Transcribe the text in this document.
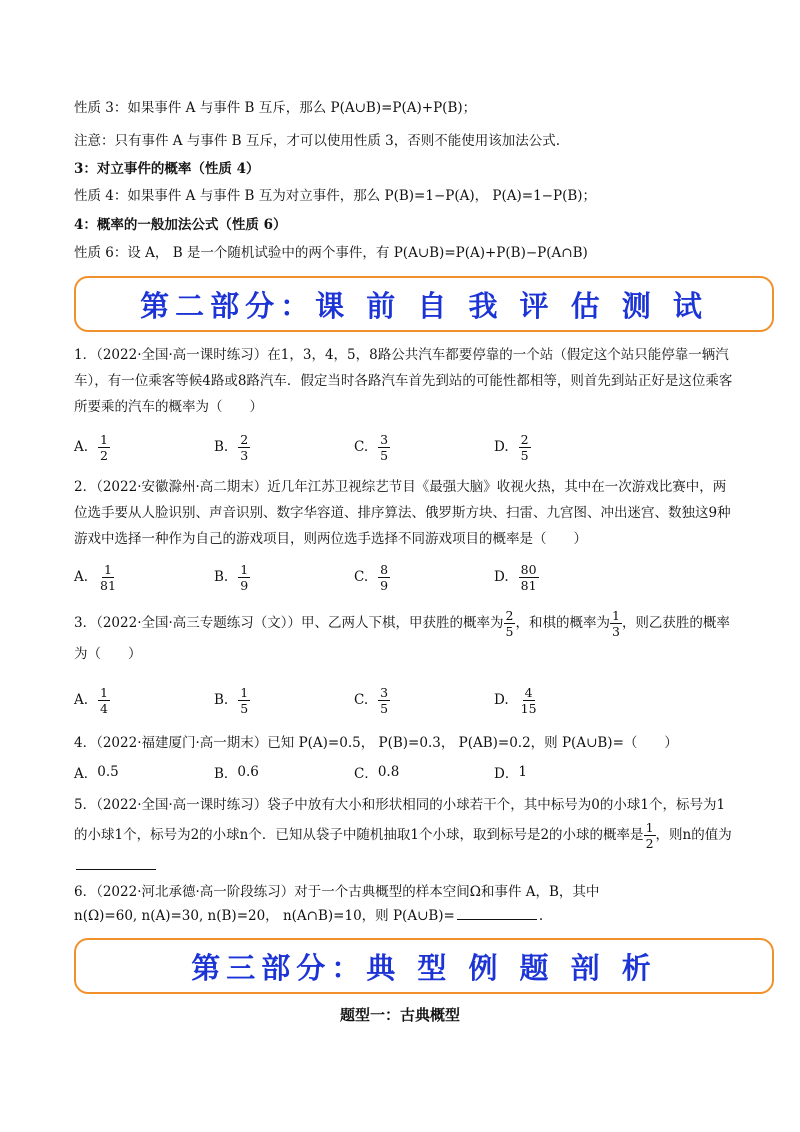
性质 3：如果事件 A 与事件 B 互斥，那么 P(A∪B)=P(A)+P(B)；
注意：只有事件 A 与事件 B 互斥，才可以使用性质 3，否则不能使用该加法公式.
3：对立事件的概率（性质 4）
性质 4：如果事件 A 与事件 B 互为对立事件，那么 P(B)=1−P(A)， P(A)=1−P(B)；
4：概率的一般加法公式（性质 6）
性质 6：设 A， B 是一个随机试验中的两个事件，有 P(A∪B)=P(A)+P(B)−P(A∩B)
第二部分：课 前 自 我 评 估 测 试
1．（2022·全国·高一课时练习）在1，3，4，5，8路公共汽车都要停靠的一个站（假定这个站只能停靠一辆汽车），有一位乘客等候4路或8路汽车．假定当时各路汽车首先到站的可能性都相等，则首先到站正好是这位乘客所要乘的汽车的概率为（　　）
A. $\frac{1}{2}$	B. $\frac{2}{3}$	C. $\frac{3}{5}$	D. $\frac{2}{5}$
2．（2022·安徽滁州·高二期末）近几年江苏卫视综艺节目《最强大脑》收视火热，其中在一次游戏比赛中，两位选手要从人脸识别、声音识别、数字华容道、排序算法、俄罗斯方块、扫雷、九宫图、冲出迷宫、数独这9种游戏中选择一种作为自己的游戏项目，则两位选手选择不同游戏项目的概率是（　　）
A. $\frac{1}{81}$	B. $\frac{1}{9}$	C. $\frac{8}{9}$	D. $\frac{80}{81}$
3．（2022·全国·高三专题练习（文））甲、乙两人下棋，甲获胜的概率为 $\frac{2}{5}$ ，和棋的概率为 $\frac{1}{3}$ ，则乙获胜的概率为（　　）
A. $\frac{1}{4}$	B. $\frac{1}{5}$	C. $\frac{3}{5}$	D. $\frac{4}{15}$
4．（2022·福建厦门·高一期末）已知 P(A)=0.5， P(B)=0.3， P(AB)=0.2，则 P(A∪B)=（　　）
A． 0.5	B． 0.6	C． 0.8	D． 1
5．（2022·全国·高一课时练习）袋子中放有大小和形状相同的小球若干个，其中标号为0的小球1个，标号为1的小球1个，标号为2的小球n个．已知从袋子中随机抽取1个小球，取到标号是2的小球的概率是 $\frac{1}{2}$ ，则n的值为
6．（2022·河北承德·高一阶段练习）对于一个古典概型的样本空间Ω和事件 A，B，其中
n(Ω)=60, n(A)=30, n(B)=20， n(A∩B)=10，则 P(A∪B)=	.
第三部分：典 型 例 题 剖 析
题型一：古典概型
